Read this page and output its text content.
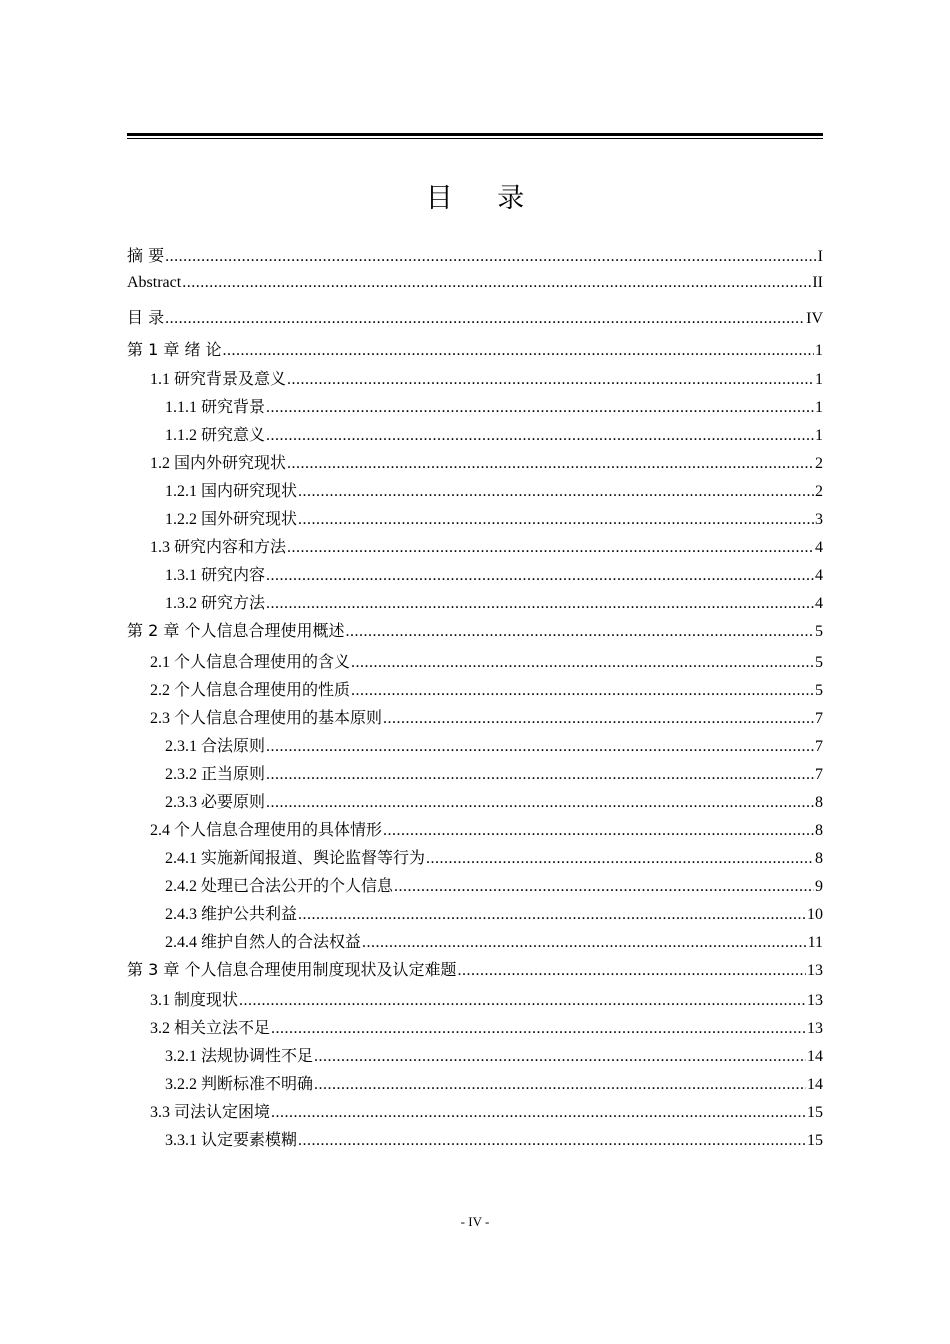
目 录
摘 要 .....	I
Abstract .....	II
目 录 .....	IV
第 1 章 绪 论 .....	1
1.1 研究背景及意义 .....	1
1.1.1 研究背景 .....	1
1.1.2 研究意义 .....	1
1.2 国内外研究现状 .....	2
1.2.1 国内研究现状 .....	2
1.2.2 国外研究现状 .....	3
1.3 研究内容和方法 .....	4
1.3.1 研究内容 .....	4
1.3.2 研究方法 .....	4
第 2 章 个人信息合理使用概述 .....	5
2.1 个人信息合理使用的含义 .....	5
2.2 个人信息合理使用的性质 .....	5
2.3 个人信息合理使用的基本原则 .....	7
2.3.1 合法原则 .....	7
2.3.2 正当原则 .....	7
2.3.3 必要原则 .....	8
2.4 个人信息合理使用的具体情形 .....	8
2.4.1 实施新闻报道、舆论监督等行为 .....	8
2.4.2 处理已合法公开的个人信息 .....	9
2.4.3 维护公共利益 .....	10
2.4.4 维护自然人的合法权益 .....	11
第 3 章 个人信息合理使用制度现状及认定难题 .....	13
3.1 制度现状 .....	13
3.2 相关立法不足 .....	13
3.2.1 法规协调性不足 .....	14
3.2.2 判断标准不明确 .....	14
3.3 司法认定困境 .....	15
3.3.1 认定要素模糊 .....	15
- IV -
